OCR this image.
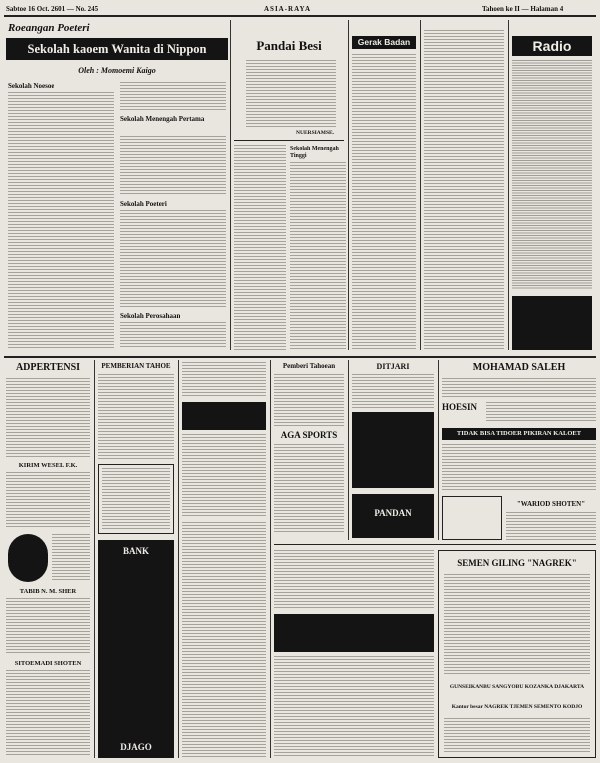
Sabtoe 16 Oct. 2601 — No. 245	ASIA-RAYA	Tahoen ke II — Halaman 4
Roeangan Poeteri
Sekolah kaoem Wanita di Nippon
Oleh : Momoemi Kaigo
Sekolah Noesoe
Sekolah Menengah Pertama
Sekolah Poeteri
Sekolah Perosahaan
Pandai Besi
NUERSIAMSE.
Sekolah Menengah Tinggi
Gerak Badan	Radio
ADPERTENSI
KIRIM WESEL F.K.
TABIB N. M. SHER
SITOEMADI SHOTEN
PEMBERIAN TAHOE
BANK
DJAGO
Pemberi Tahoean
AGA SPORTS
DITJARI
PANDAN
MOHAMAD SALEH
HOESIN
TIDAK BISA TIDOER PIKIRAN KALOET
"WARIOD SHOTEN"
SEMEN GILING "NAGREK"
GUNSEIKANBU SANGYOBU KOZANKA DJAKARTA
Kantor besar NAGREK TJEMEN SEMENTO KODJO
